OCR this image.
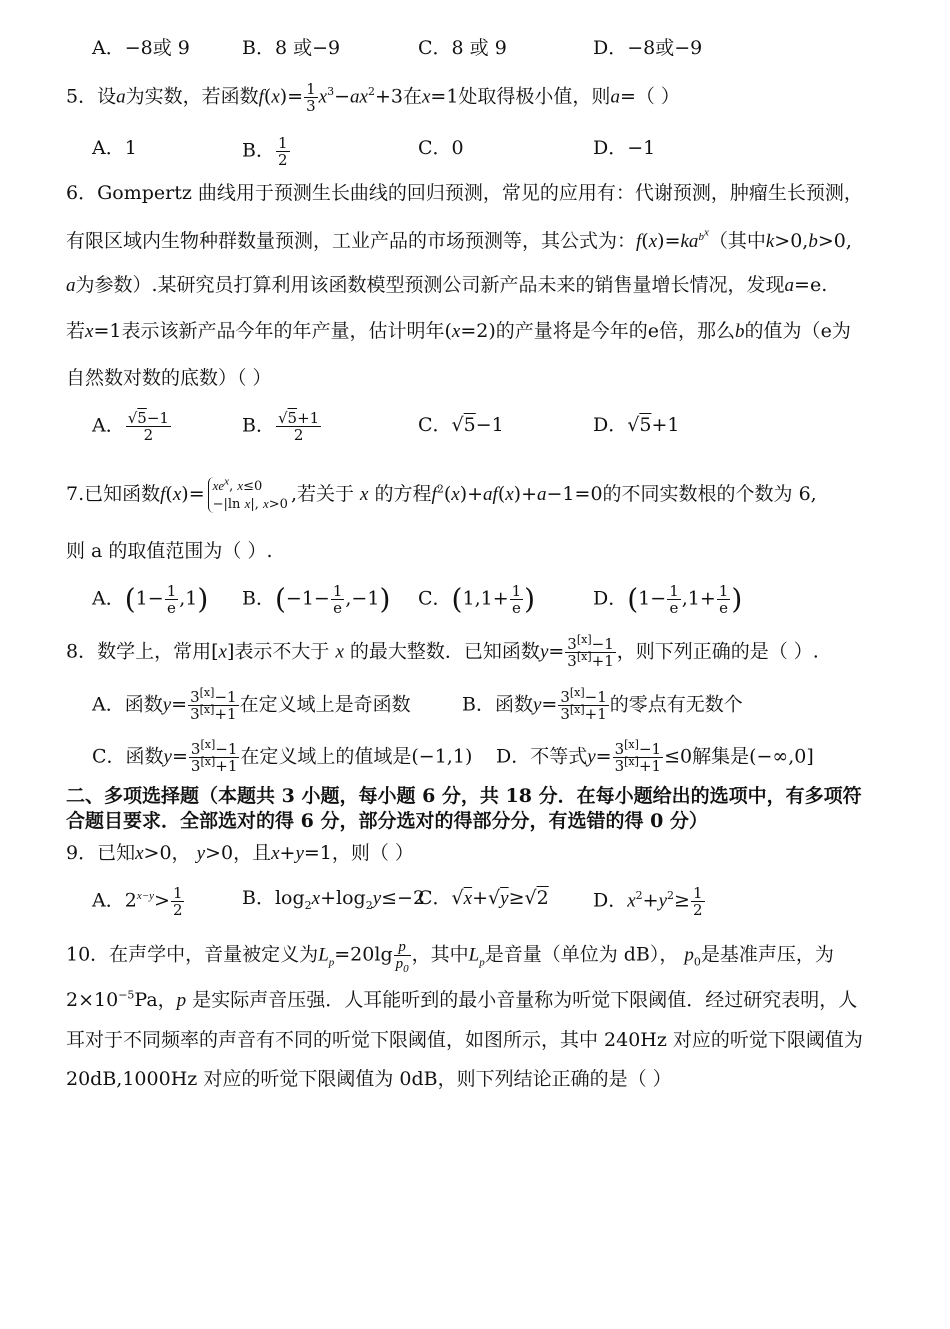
A．−8或 9	B．8 或−9	C．8 或 9	D．−8或−9
5．设a为实数，若函数$f(x)= \frac{1}{3} x^3-ax^2+3$在x=1处取得极小值，则a=（ ）
A．1	B． $\frac{1}{2}$	C．0	D．−1
6．Gompertz 曲线用于预测生长曲线的回归预测，常见的应用有：代谢预测，肿瘤生长预测，
有限区域内生物种群数量预测，工业产品的市场预测等，其公式为：$f(x)=ka^{b^x}$（其中k>0,b>0,
a为参数）.某研究员打算利用该函数模型预测公司新产品未来的销售量增长情况，发现a=e.
若x=1表示该新产品今年的年产量，估计明年(x=2)的产量将是今年的e倍，那么b的值为（e为
自然数对数的底数）（ ）
A． $\frac{√5-1}{2}$	B． $\frac{√5+1}{2}$	C．√5−1	D．√5+1
7.已知函数$f(x)= xe^x$, x≤0
−|ln x|, x>0 ,若关于 x 的方程$f^2(x)+af(x)+a-1=0$的不同实数根的个数为 6,
则 a 的取值范围为（ ）.
A．$(1- \frac{1}{e} ,1)$ B．$(-1- \frac{1}{e} ,-1)$ C．($1,1+ \frac{1}{e}$ )	D．($1- \frac{1}{e} ,1+ \frac{1}{e}$ )
8．数学上，常用[x]表示不大于 x 的最大整数．已知函数$y= \frac{3^{[x]}-1}{3^{[x]}+1}$ ，则下列正确的是（ ）.
A．函数$y= \frac{3^{[x]}-1}{3^{[x]}+1}$ 在定义域上是奇函数	B．函数$y= \frac{3^{[x]}-1}{3^{[x]}+1}$ 的零点有无数个
C．函数$y= \frac{3^{[x]}-1}{3^{[x]}+1}$ 在定义域上的值域是(−1,1) D．不等式$y= \frac{3^{[x]}-1}{3^{[x]}+1} \le 0$解集是(−∞,0]
二、多项选择题（本题共 3 小题，每小题 6 分，共 18 分．在每小题给出的选项中，有多项符
合题目要求．全部选对的得 6 分，部分选对的得部分分，有选错的得 0 分）
9．已知x>0， y>0，且x+y=1，则（ ）
A．$2^{x-y}> \frac{1}{2}$	B．$\log_2x+\log_2y\le-2$
C．√x+√y≥√2 D．$x^2+y^2\ge \frac{1}{2}$
10．在声学中，音量被定义为$L_p=20\lg \frac{p}{p_0}$ ，其中$L_p$是音量（单位为 dB）， $p_0$是基准声压，为
$2\times 10^{-5}Pa$，p 是实际声音压强．人耳能听到的最小音量称为听觉下限阈值．经过研究表明，人
耳对于不同频率的声音有不同的听觉下限阈值，如图所示，其中 240Hz 对应的听觉下限阈值为
20dB,1000Hz 对应的听觉下限阈值为 0dB，则下列结论正确的是（ ）
